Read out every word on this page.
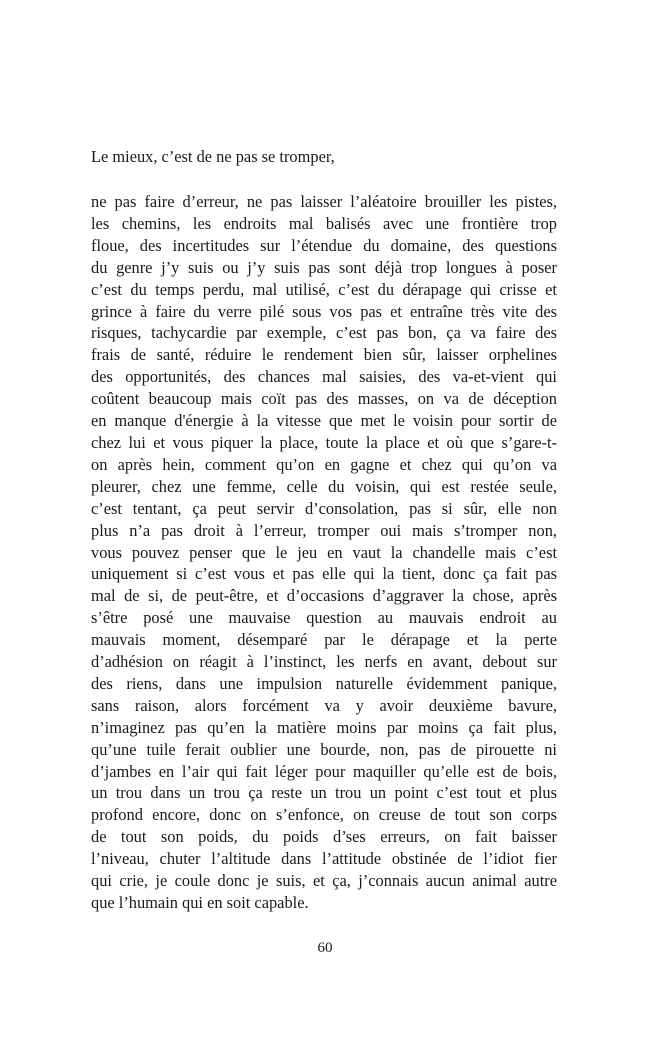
Le mieux, c’est de ne pas se tromper,

ne pas faire d’erreur, ne pas laisser l’aléatoire brouiller les pistes,
les chemins, les endroits mal balisés avec une frontière trop
floue, des incertitudes sur l’étendue du domaine, des questions
du genre j’y suis ou j’y suis pas sont déjà trop longues à poser
c’est du temps perdu, mal utilisé, c’est du dérapage qui crisse et
grince à faire du verre pilé sous vos pas et entraîne très vite des
risques, tachycardie par exemple, c’est pas bon, ça va faire des
frais de santé, réduire le rendement bien sûr, laisser orphelines
des opportunités, des chances mal saisies, des va-et-vient qui
coûtent beaucoup mais coït pas des masses, on va de déception
en manque d'énergie à la vitesse que met le voisin pour sortir de
chez lui et vous piquer la place, toute la place et où que s’gare-t-
on après hein, comment qu’on en gagne et chez qui qu’on va
pleurer, chez une femme, celle du voisin, qui est restée seule,
c’est tentant, ça peut servir d’consolation, pas si sûr, elle non
plus n’a pas droit à l’erreur, tromper oui mais s’tromper non,
vous pouvez penser que le jeu en vaut la chandelle mais c’est
uniquement si c’est vous et pas elle qui la tient, donc ça fait pas
mal de si, de peut-être, et d’occasions d’aggraver la chose, après
s’être posé une mauvaise question au mauvais endroit au
mauvais moment, désemparé par le dérapage et la perte
d’adhésion on réagit à l’instinct, les nerfs en avant, debout sur
des riens, dans une impulsion naturelle évidemment panique,
sans raison, alors forcément va y avoir deuxième bavure,
n’imaginez pas qu’en la matière moins par moins ça fait plus,
qu’une tuile ferait oublier une bourde, non, pas de pirouette ni
d’jambes en l’air qui fait léger pour maquiller qu’elle est de bois,
un trou dans un trou ça reste un trou un point c’est tout et plus
profond encore, donc on s’enfonce, on creuse de tout son corps
de tout son poids, du poids d’ses erreurs, on fait baisser
l’niveau, chuter l’altitude dans l’attitude obstinée de l’idiot fier
qui crie, je coule donc je suis, et ça, j’connais aucun animal autre
que l’humain qui en soit capable.
60
